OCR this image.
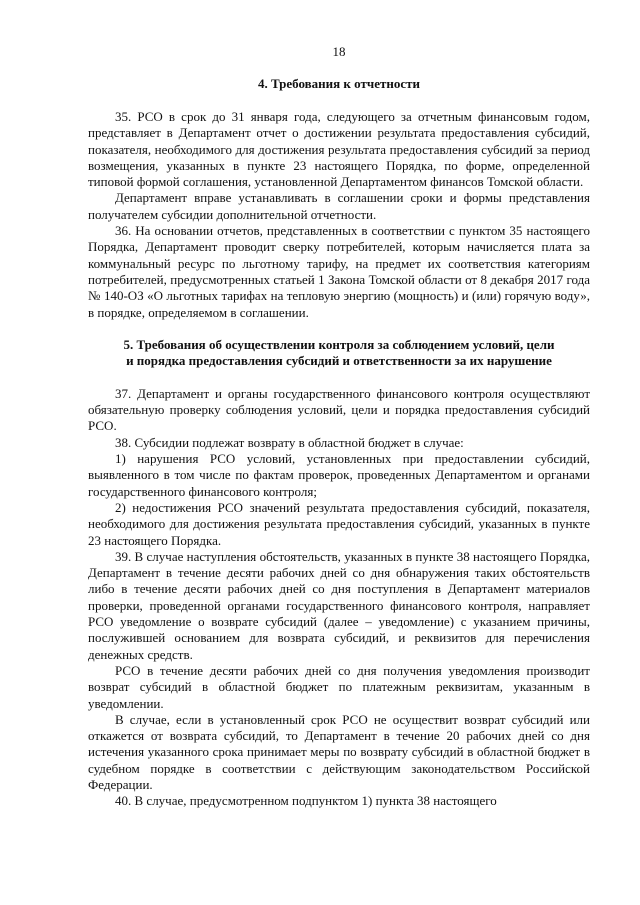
18
4. Требования к отчетности

35. РСО в срок до 31 января года, следующего за отчетным финансовым годом, представляет в Департамент отчет о достижении результата предоставления субсидий, показателя, необходимого для достижения результата предоставления субсидий за период возмещения, указанных в пункте 23 настоящего Порядка, по форме, определенной типовой формой соглашения, установленной Департаментом финансов Томской области.

Департамент вправе устанавливать в соглашении сроки и формы представления получателем субсидии дополнительной отчетности.

36. На основании отчетов, представленных в соответствии с пунктом 35 настоящего Порядка, Департамент проводит сверку потребителей, которым начисляется плата за коммунальный ресурс по льготному тарифу, на предмет их соответствия категориям потребителей, предусмотренных статьей 1 Закона Томской области от 8 декабря 2017 года № 140-ОЗ «О льготных тарифах на тепловую энергию (мощность) и (или) горячую воду», в порядке, определяемом в соглашении.

5. Требования об осуществлении контроля за соблюдением условий, цели
и порядка предоставления субсидий и ответственности за их нарушение

37. Департамент и органы государственного финансового контроля осуществляют обязательную проверку соблюдения условий, цели и порядка предоставления субсидий РСО.

38. Субсидии подлежат возврату в областной бюджет в случае:

1) нарушения РСО условий, установленных при предоставлении субсидий, выявленного в том числе по фактам проверок, проведенных Департаментом и органами государственного финансового контроля;

2) недостижения РСО значений результата предоставления субсидий, показателя, необходимого для достижения результата предоставления субсидий, указанных в пункте 23 настоящего Порядка.

39. В случае наступления обстоятельств, указанных в пункте 38 настоящего Порядка, Департамент в течение десяти рабочих дней со дня обнаружения таких обстоятельств либо в течение десяти рабочих дней со дня поступления в Департамент материалов проверки, проведенной органами государственного финансового контроля, направляет РСО уведомление о возврате субсидий (далее – уведомление) с указанием причины, послужившей основанием для возврата субсидий, и реквизитов для перечисления денежных средств.

РСО в течение десяти рабочих дней со дня получения уведомления производит возврат субсидий в областной бюджет по платежным реквизитам, указанным в уведомлении.

В случае, если в установленный срок РСО не осуществит возврат субсидий или откажется от возврата субсидий, то Департамент в течение 20 рабочих дней со дня истечения указанного срока принимает меры по возврату субсидий в областной бюджет в судебном порядке в соответствии с действующим законодательством Российской Федерации.

40. В случае, предусмотренном подпунктом 1) пункта 38 настоящего
